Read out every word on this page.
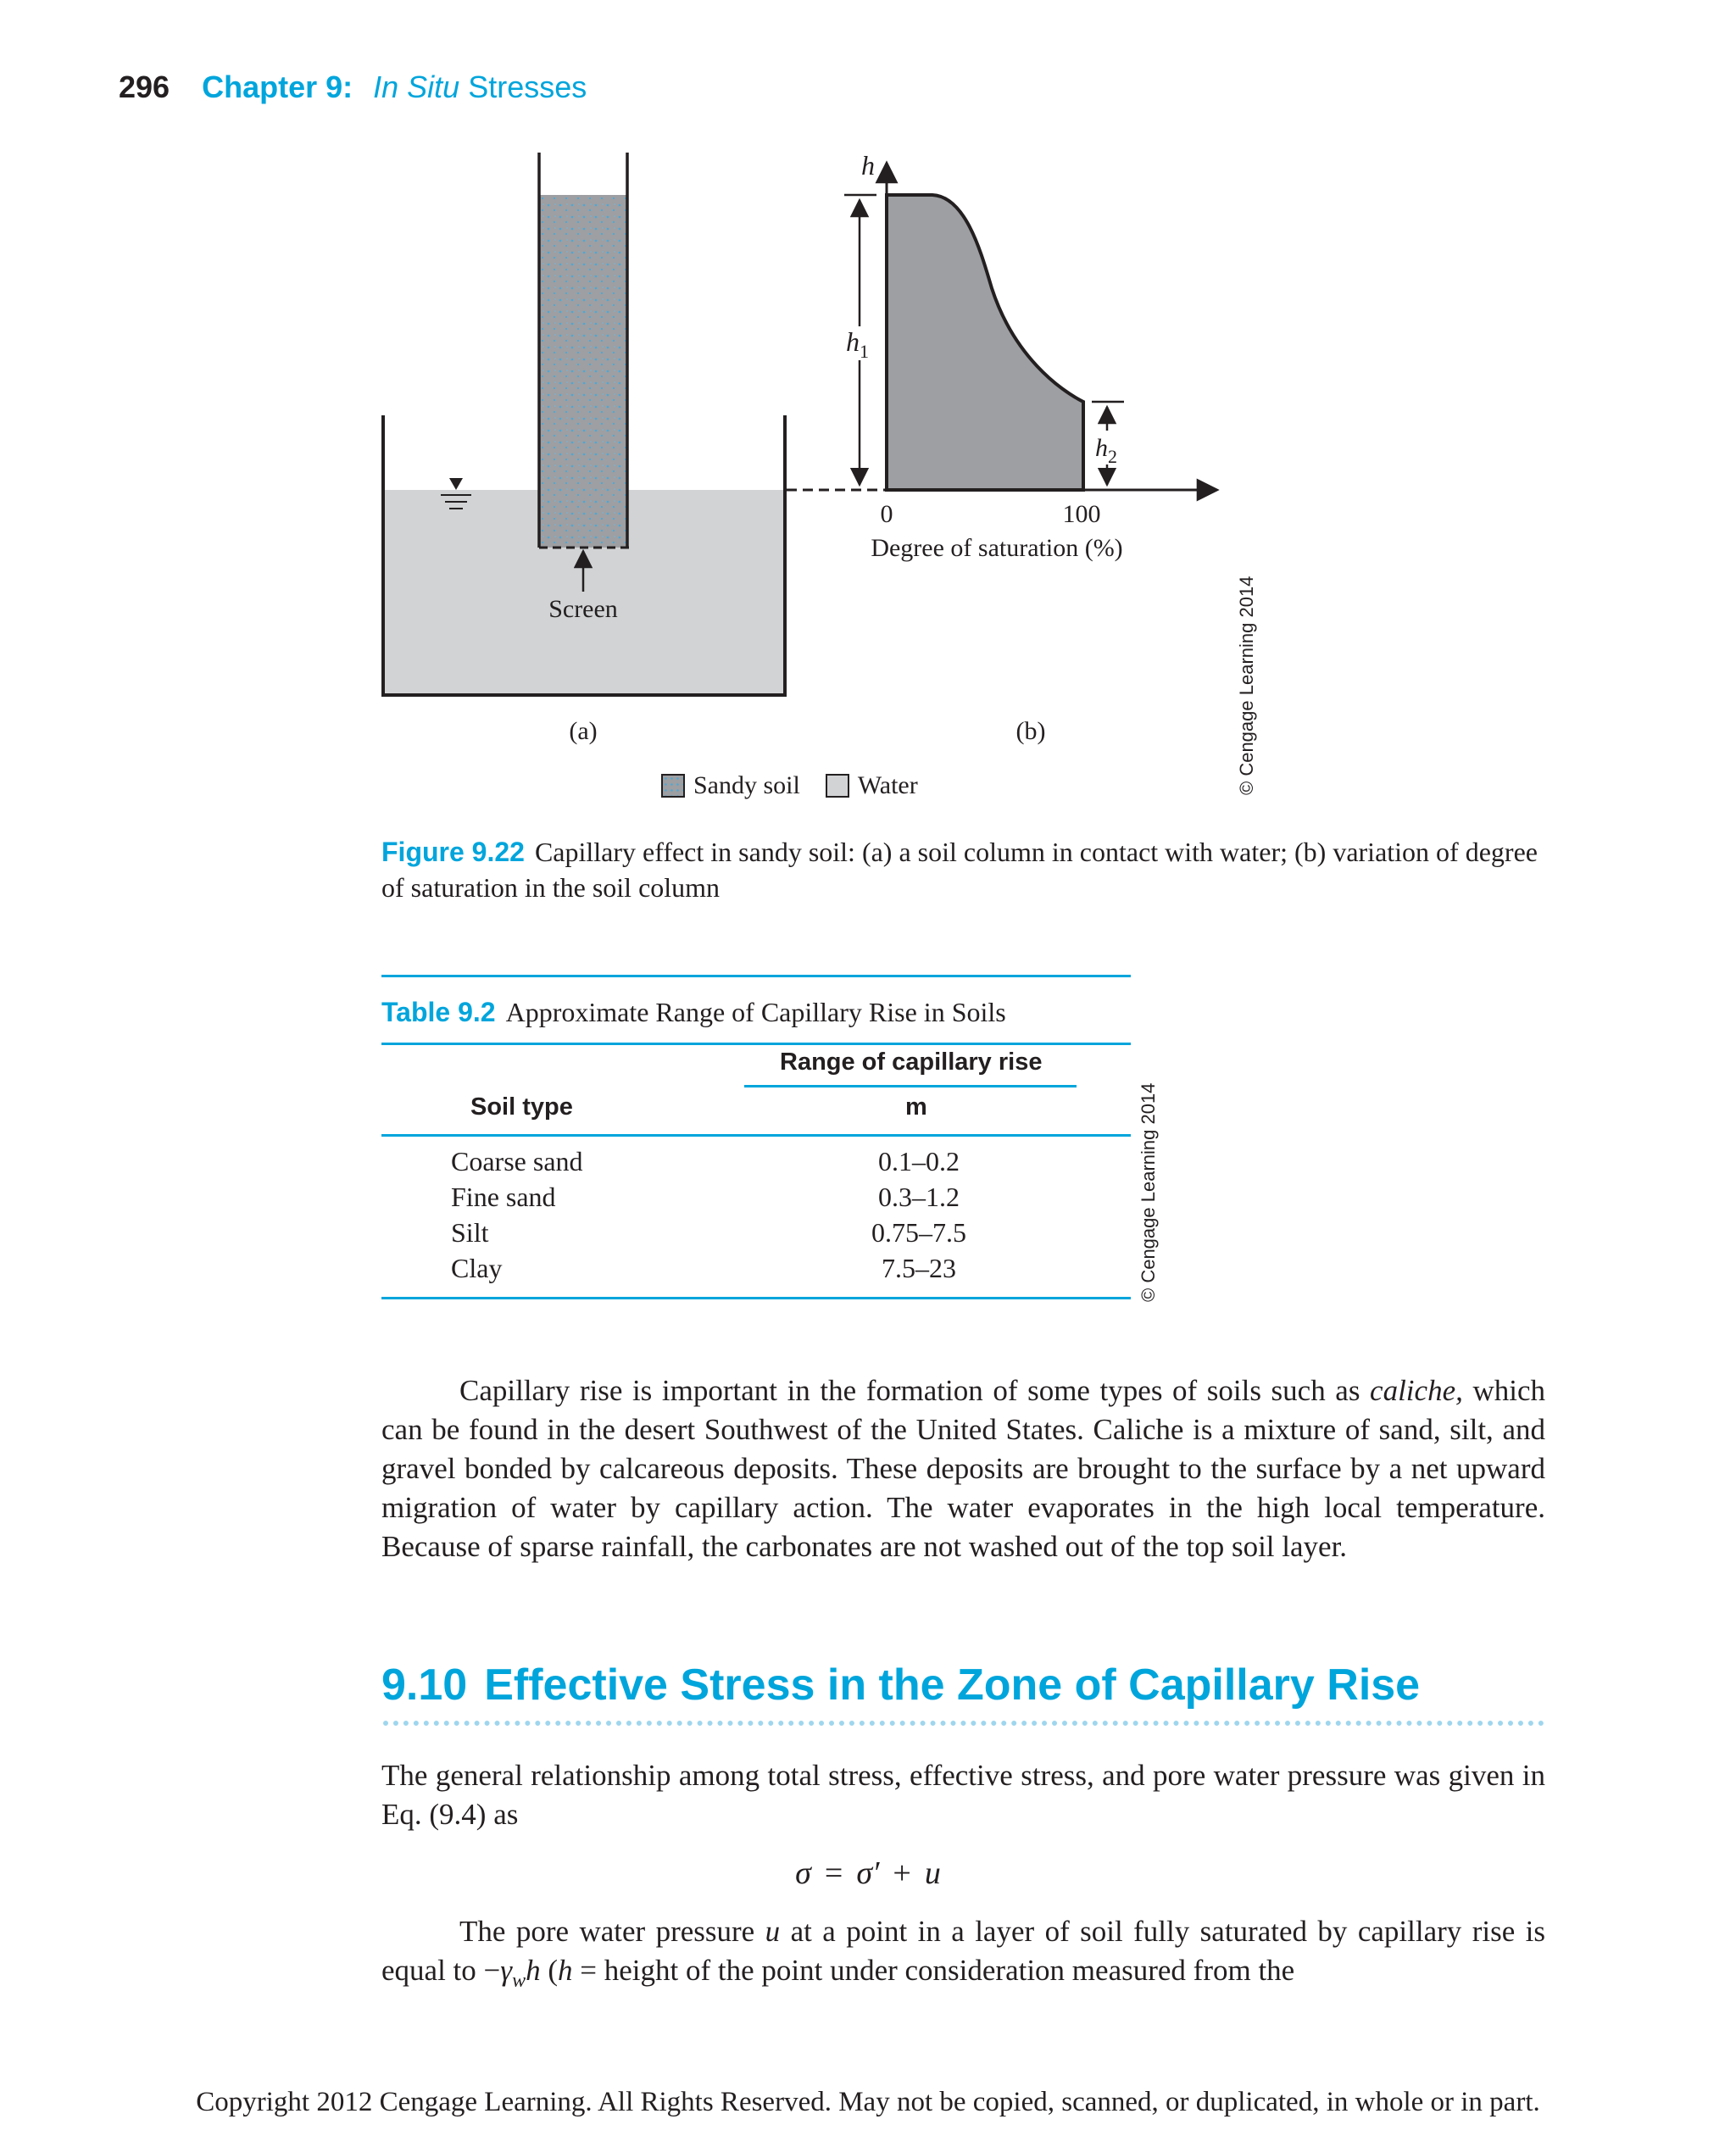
296 Chapter 9: In Situ Stresses
Screen
(a)
h
$h_1$
$h_2$
0	100
Degree of saturation (%)
(b)	© Cengage Learning 2014
Sandy soil Water
Figure 9.22 Capillary effect in sandy soil: (a) a soil column in contact with water; (b) variation of degree of saturation in the soil column
Table 9.2 Approximate Range of Capillary Rise in Soils
Range of capillary rise
Soil type	m
Coarse sand	0.1–0.2
Fine sand	0.3–1.2
Silt	0.75–7.5
Clay	7.5–23	© Cengage Learning 2014
Capillary rise is important in the formation of some types of soils such as caliche, which can be found in the desert Southwest of the United States. Caliche is a mixture of sand, silt, and gravel bonded by calcareous deposits. These deposits are brought to the surface by a net upward migration of water by capillary action. The water evaporates in the high local temperature. Because of sparse rainfall, the carbonates are not washed out of the top soil layer.
9.10 Effective Stress in the Zone of Capillary Rise
The general relationship among total stress, effective stress, and pore water pressure was given in Eq. (9.4) as
σ = σ′ + u
The pore water pressure u at a point in a layer of soil fully saturated by capillary rise is equal to $-\gamma_wh$ (h = height of the point under consideration measured from the
Copyright 2012 Cengage Learning. All Rights Reserved. May not be copied, scanned, or duplicated, in whole or in part.
